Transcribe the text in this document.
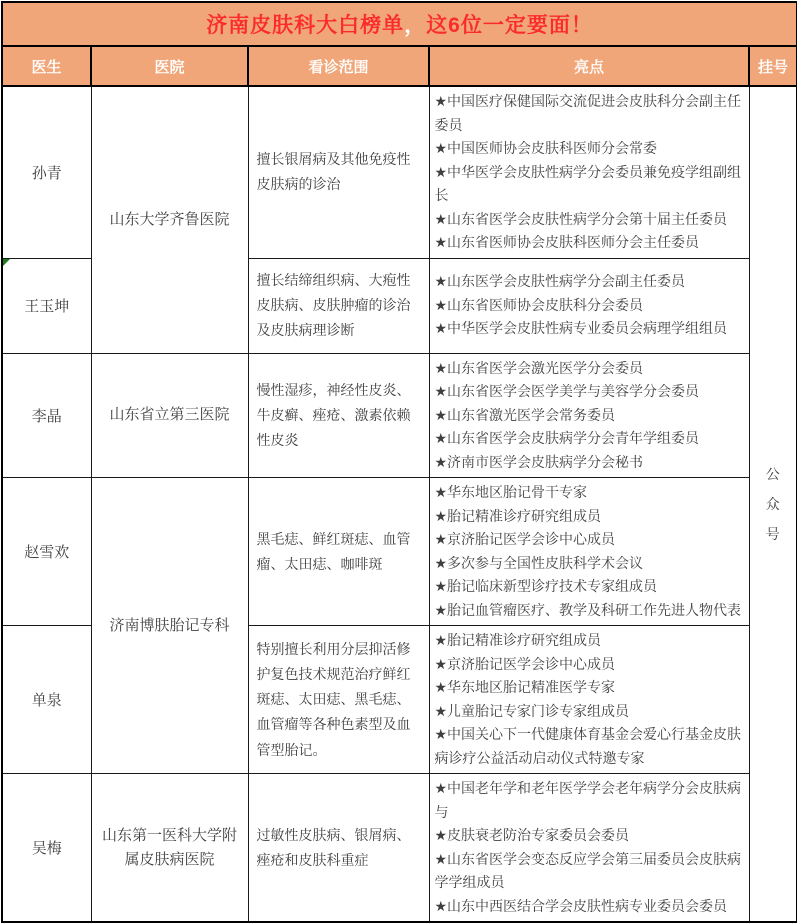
济南皮肤科大白榜单，这6位一定要面！				
医生	医院	看诊范围	亮点	挂号
孙青	山东大学齐鲁医院	擅长银屑病及其他免疫性皮肤病的诊治	★中国医疗保健国际交流促进会皮肤科分会副主任委员
★中国医师协会皮肤科医师分会常委
★中华医学会皮肤性病学分会委员兼免疫学组副组长
★山东省医学会皮肤性病学分会第十届主任委员
★山东省医师协会皮肤科医师分会主任委员	公众号

王玉坤		擅长结缔组织病、大疱性皮肤病、皮肤肿瘤的诊治及皮肤病理诊断	★山东医学会皮肤性病学分会副主任委员
★山东省医师协会皮肤科分会委员
★中华医学会皮肤性病专业委员会病理学组组员	

李晶	山东省立第三医院	慢性湿疹，神经性皮炎、牛皮癣、痤疮、激素依赖性皮炎	★山东省医学会激光医学分会委员
★山东省医学会医学美学与美容学分会委员
★山东省激光医学会常务委员
★山东省医学会皮肤病学分会青年学组委员
★济南市医学会皮肤病学分会秘书	

赵雪欢	济南博肤胎记专科	黑毛痣、鲜红斑痣、血管瘤、太田痣、咖啡斑	
★华东地区胎记骨干专家
★胎记精准诊疗研究组成员
★京济胎记医学会诊中心成员
★多次参与全国性皮肤科学术会议
★胎记临床新型诊疗技术专家组成员
★胎记血管瘤医疗、教学及科研工作先进人物代表

单泉		特别擅长利用分层抑活修护复色技术规范治疗鲜红斑痣、太田痣、黑毛痣、血管瘤等各种色素型及血管型胎记。	★胎记精准诊疗研究组成员
★京济胎记医学会诊中心成员
★华东地区胎记精准医学专家
★儿童胎记专家门诊专家组成员
★中国关心下一代健康体育基金会爱心行基金皮肤病诊疗公益活动启动仪式特邀专家	

吴梅	山东第一医科大学附属皮肤病医院	过敏性皮肤病、银屑病、痤疮和皮肤科重症	★中国老年学和老年医学学会老年病学分会皮肤病与
★皮肤衰老防治专家委员会委员
★山东省医学会变态反应学会第三届委员会皮肤病学学组成员
★山东中西医结合学会皮肤性病专业委员会委员	
